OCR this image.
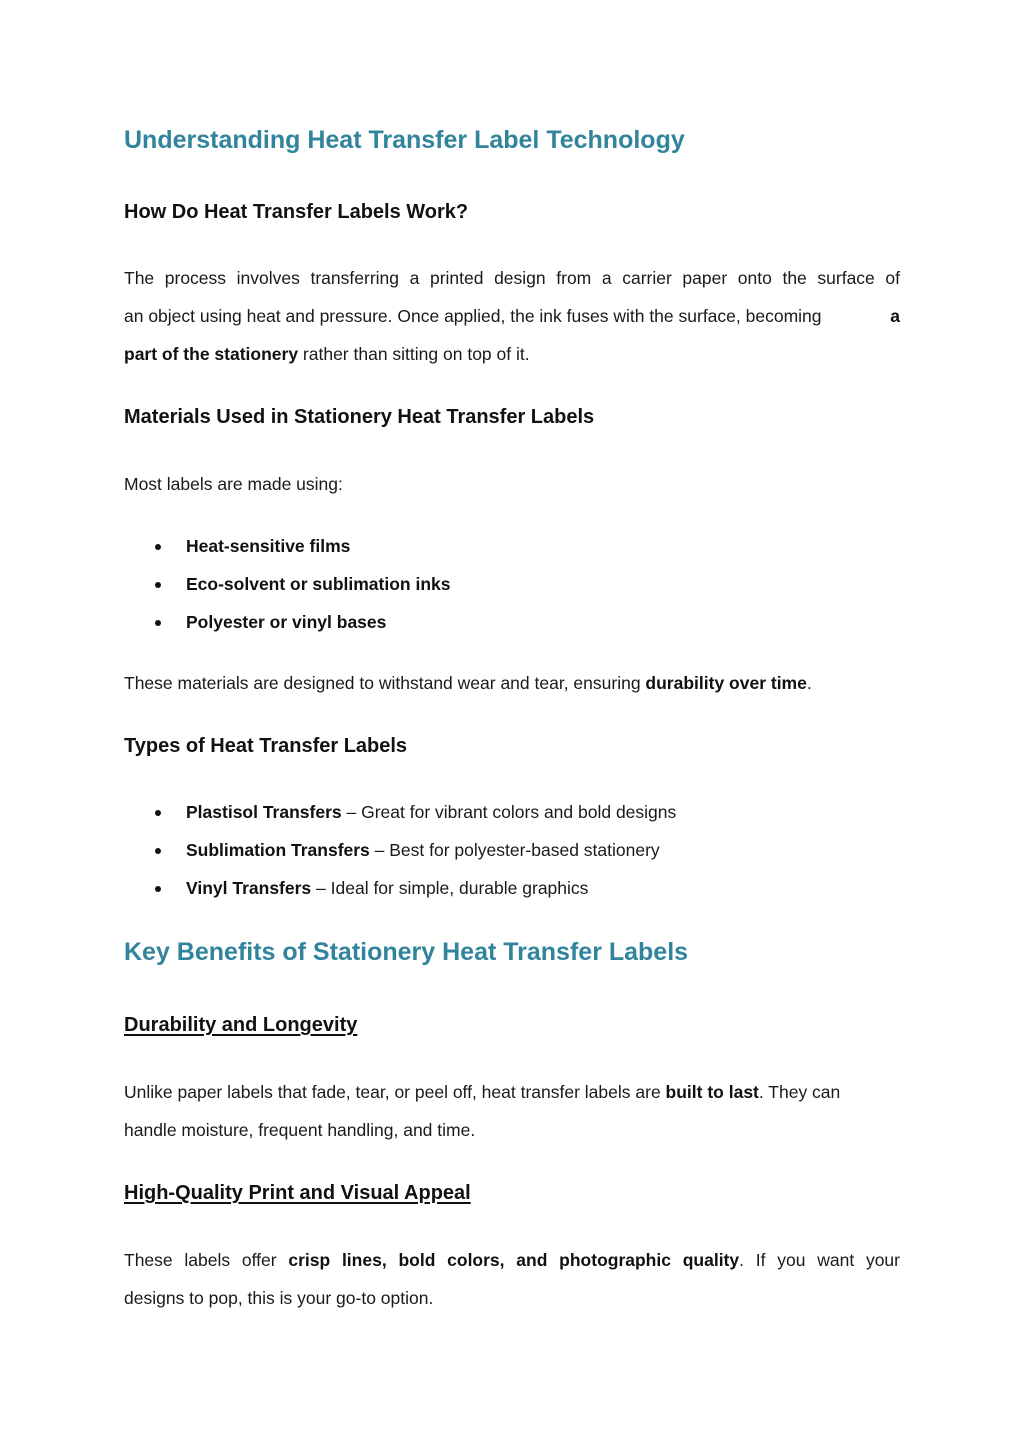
Understanding Heat Transfer Label Technology
How Do Heat Transfer Labels Work?
The process involves transferring a printed design from a carrier paper onto the surface of
an object using heat and pressure. Once applied, the ink fuses with the surface, becoming	a
part of the stationery rather than sitting on top of it.
Materials Used in Stationery Heat Transfer Labels
Most labels are made using:
Heat-sensitive films
Eco-solvent or sublimation inks
Polyester or vinyl bases
These materials are designed to withstand wear and tear, ensuring durability over time.
Types of Heat Transfer Labels
Plastisol Transfers – Great for vibrant colors and bold designs
Sublimation Transfers – Best for polyester-based stationery
Vinyl Transfers – Ideal for simple, durable graphics
Key Benefits of Stationery Heat Transfer Labels
Durability and Longevity
Unlike paper labels that fade, tear, or peel off, heat transfer labels are built to last. They can
handle moisture, frequent handling, and time.
High-Quality Print and Visual Appeal
These labels offer crisp lines, bold colors, and photographic quality. If you want your
designs to pop, this is your go-to option.
